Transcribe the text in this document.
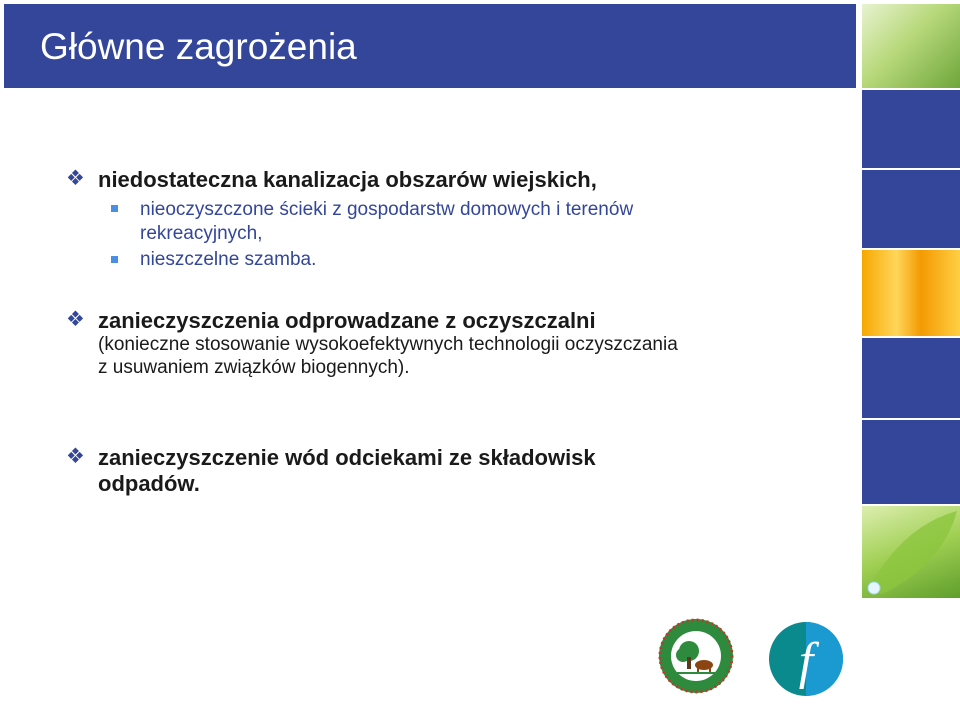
Główne zagrożenia
❖ niedostateczna kanalizacja obszarów wiejskich,
nieoczyszczone ścieki z gospodarstw domowych i terenów
rekreacyjnych,
nieszczelne szamba.
❖ zanieczyszczenia odprowadzane z oczyszczalni
(konieczne stosowanie wysokoefektywnych technologii oczyszczania
z usuwaniem związków biogennych).
❖ zanieczyszczenie wód odciekami ze składowisk
odpadów.
f
